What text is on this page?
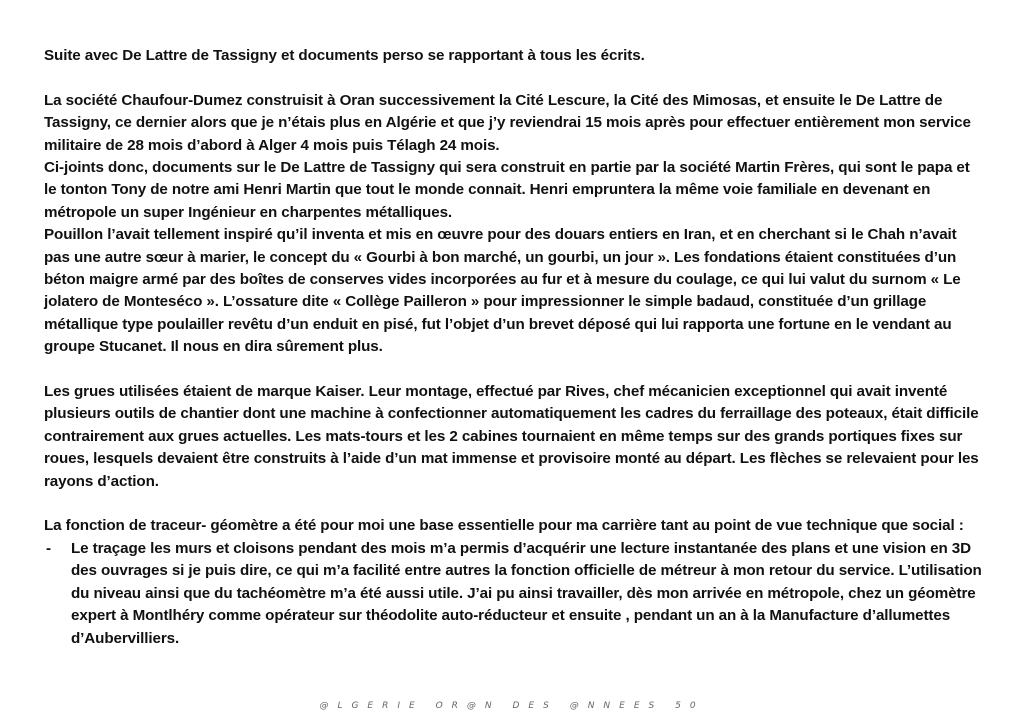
Suite avec De Lattre de Tassigny et documents perso se rapportant à tous les écrits.

La société Chaufour-Dumez construisit à Oran successivement la Cité Lescure, la Cité des Mimosas, et ensuite le De Lattre de Tassigny, ce dernier alors que je n’étais plus en Algérie et que j’y reviendrai 15 mois après pour effectuer entièrement mon service militaire de 28 mois d’abord à Alger 4 mois puis Télagh 24 mois.

Ci-joints donc, documents sur le De Lattre de Tassigny qui sera construit en partie par la société Martin Frères, qui sont le papa et le tonton Tony de notre ami Henri Martin que tout le monde connait. Henri empruntera la même voie familiale en devenant en métropole un super Ingénieur en charpentes métalliques.

Pouillon l’avait tellement inspiré qu’il inventa et mis en œuvre pour des douars entiers en Iran, et en cherchant si le Chah n’avait pas une autre sœur à marier, le concept du « Gourbi à bon marché, un gourbi, un jour ». Les fondations étaient constituées d’un béton maigre armé par des boîtes de conserves vides incorporées au fur et à mesure du coulage, ce qui lui valut du surnom « Le jolatero de Monteséco ». L’ossature dite « Collège Pailleron » pour impressionner le simple badaud, constituée d’un grillage métallique type poulailler revêtu d’un enduit en pisé, fut l’objet d’un brevet déposé qui lui rapporta une fortune en le vendant au groupe Stucanet. Il nous en dira sûrement plus.

Les grues utilisées étaient de marque Kaiser. Leur montage, effectué par Rives, chef mécanicien exceptionnel qui avait inventé plusieurs outils de chantier dont une machine à confectionner automatiquement les cadres du ferraillage des poteaux, était difficile contrairement aux grues actuelles. Les mats-tours et les 2 cabines tournaient en même temps sur des grands portiques fixes sur roues, lesquels devaient être construits à l’aide d’un mat immense et provisoire monté au départ. Les flèches se relevaient pour les rayons d’action.

La fonction de traceur- géomètre a été pour moi une base essentielle pour ma carrière tant au point de vue technique que social :

- Le traçage les murs et cloisons pendant des mois m’a permis d’acquérir une lecture instantanée des plans et une vision en 3D des ouvrages si je puis dire, ce qui m’a facilité entre autres la fonction officielle de métreur à mon retour du service. L’utilisation du niveau ainsi que du tachéomètre m’a été aussi utile. J’ai pu ainsi travailler, dès mon arrivée en métropole, chez un géomètre expert à Montlhéry comme opérateur sur théodolite auto-réducteur et ensuite , pendant un an à la Manufacture d’allumettes d’Aubervilliers.
@LGERIE OR@N DES @NNEES 50
